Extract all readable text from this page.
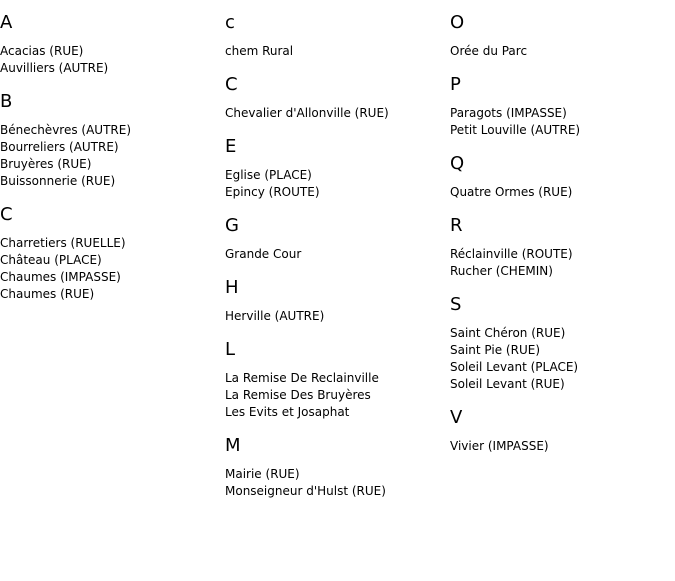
A
Acacias (RUE)
Auvilliers (AUTRE)
B
Bénechèvres (AUTRE)
Bourreliers (AUTRE)
Bruyères (RUE)
Buissonnerie (RUE)
C
Charretiers (RUELLE)
Château (PLACE)
Chaumes (IMPASSE)
Chaumes (RUE)
c
chem Rural
C
Chevalier d'Allonville (RUE)
E
Eglise (PLACE)
Epincy (ROUTE)
G
Grande Cour
H
Herville (AUTRE)
L
La Remise De Reclainville
La Remise Des Bruyères
Les Evits et Josaphat
M
Mairie (RUE)
Monseigneur d'Hulst (RUE)
O
Orée du Parc
P
Paragots (IMPASSE)
Petit Louville (AUTRE)
Q
Quatre Ormes (RUE)
R
Réclainville (ROUTE)
Rucher (CHEMIN)
S
Saint Chéron (RUE)
Saint Pie (RUE)
Soleil Levant (PLACE)
Soleil Levant (RUE)
V
Vivier (IMPASSE)
